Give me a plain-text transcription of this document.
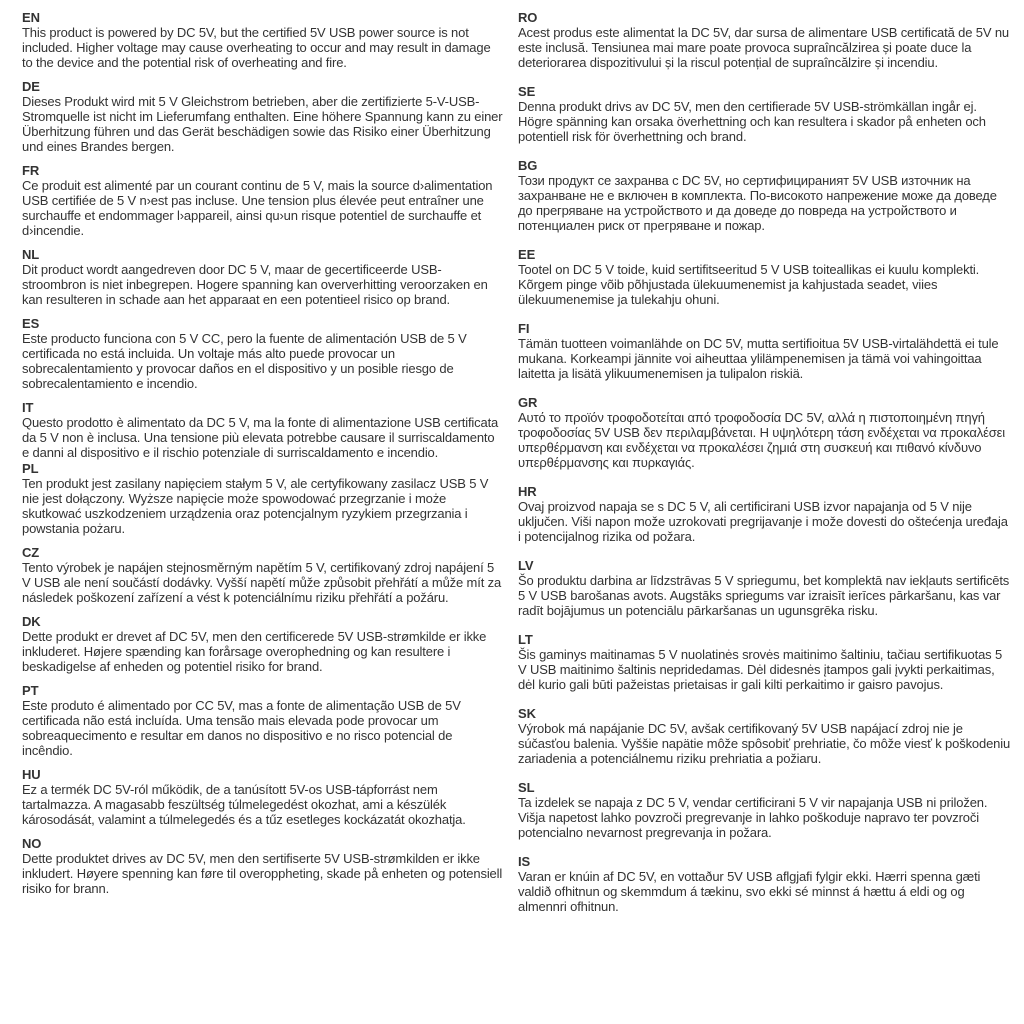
EN

This product is powered by DC 5V, but the certified 5V USB power source is not included. Higher voltage may cause overheating to occur and may result in damage to the device and the potential risk of overheating and fire.

DE

Dieses Produkt wird mit 5 V Gleichstrom betrieben, aber die zertifizierte 5-V-USB-Stromquelle ist nicht im Lieferumfang enthalten. Eine höhere Spannung kann zu einer Überhitzung führen und das Gerät beschädigen sowie das Risiko einer Überhitzung und eines Brandes bergen.

FR

Ce produit est alimenté par un courant continu de 5 V, mais la source d›alimentation USB certifiée de 5 V n›est pas incluse. Une tension plus élevée peut entraîner une surchauffe et endommager l›appareil, ainsi qu›un risque potentiel de surchauffe et d›incendie.

NL

Dit product wordt aangedreven door DC 5 V, maar de gecertificeerde USB-stroombron is niet inbegrepen. Hogere spanning kan oververhitting veroorzaken en kan resulteren in schade aan het apparaat en een potentieel risico op brand.

ES

Este producto funciona con 5 V CC, pero la fuente de alimentación USB de 5 V certificada no está incluida. Un voltaje más alto puede provocar un sobrecalentamiento y provocar daños en el dispositivo y un posible riesgo de sobrecalentamiento e incendio.

IT

Questo prodotto è alimentato da DC 5 V, ma la fonte di alimentazione USB certificata da 5 V non è inclusa. Una tensione più elevata potrebbe causare il surriscaldamento e danni al dispositivo e il rischio potenziale di surriscaldamento e incendio.

PL

Ten produkt jest zasilany napięciem stałym 5 V, ale certyfikowany zasilacz USB 5 V nie jest dołączony. Wyższe napięcie może spowodować przegrzanie i może skutkować uszkodzeniem urządzenia oraz potencjalnym ryzykiem przegrzania i powstania pożaru.

CZ

Tento výrobek je napájen stejnosměrným napětím 5 V, certifikovaný zdroj napájení 5 V USB ale není součástí dodávky. Vyšší napětí může způsobit přehřátí a může mít za následek poškození zařízení a vést k potenciálnímu riziku přehřátí a požáru.

DK

Dette produkt er drevet af DC 5V, men den certificerede 5V USB-strømkilde er ikke inkluderet. Højere spænding kan forårsage overophedning og kan resultere i beskadigelse af enheden og potentiel risiko for brand.

PT

Este produto é alimentado por CC 5V, mas a fonte de alimentação USB de 5V certificada não está incluída. Uma tensão mais elevada pode provocar um sobreaquecimento e resultar em danos no dispositivo e no risco potencial de incêndio.

HU

Ez a termék DC 5V-ról működik, de a tanúsított 5V-os USB-tápforrást nem tartalmazza. A magasabb feszültség túlmelegedést okozhat, ami a készülék károsodását, valamint a túlmelegedés és a tűz esetleges kockázatát okozhatja.

NO

Dette produktet drives av DC 5V, men den sertifiserte 5V USB-strømkilden er ikke inkludert. Høyere spenning kan føre til overoppheting, skade på enheten og potensiell risiko for brann.

RO

Acest produs este alimentat la DC 5V, dar sursa de alimentare USB certificată de 5V nu este inclusă. Tensiunea mai mare poate provoca supraîncălzirea și poate duce la deteriorarea dispozitivului și la riscul potențial de supraîncălzire și incendiu.

SE

Denna produkt drivs av DC 5V, men den certifierade 5V USB-strömkällan ingår ej. Högre spänning kan orsaka överhettning och kan resultera i skador på enheten och potentiell risk för överhettning och brand.

BG

Този продукт се захранва с DC 5V, но сертифицираният 5V USB източник на захранване не е включен в комплекта. По-високото напрежение може да доведе до прегряване на устройството и да доведе до повреда на устройството и потенциален риск от прегряване и пожар.

EE

Tootel on DC 5 V toide, kuid sertifitseeritud 5 V USB toiteallikas ei kuulu komplekti. Kõrgem pinge võib põhjustada ülekuumenemist ja kahjustada seadet, viies ülekuumenemise ja tulekahju ohuni.

FI

Tämän tuotteen voimanlähde on DC 5V, mutta sertifioitua 5V USB-virtalähdettä ei tule mukana. Korkeampi jännite voi aiheuttaa ylilämpenemisen ja tämä voi vahingoittaa laitetta ja lisätä ylikuumenemisen ja tulipalon riskiä.

GR

Αυτό το προϊόν τροφοδοτείται από τροφοδοσία DC 5V, αλλά η πιστοποιημένη πηγή τροφοδοσίας 5V USB δεν περιλαμβάνεται. Η υψηλότερη τάση ενδέχεται να προκαλέσει υπερθέρμανση και ενδέχεται να προκαλέσει ζημιά στη συσκευή και πιθανό κίνδυνο υπερθέρμανσης και πυρκαγιάς.

HR

Ovaj proizvod napaja se s DC 5 V, ali certificirani USB izvor napajanja od 5 V nije uključen. Viši napon može uzrokovati pregrijavanje i može dovesti do oštećenja uređaja i potencijalnog rizika od požara.

LV

Šo produktu darbina ar līdzstrāvas 5 V spriegumu, bet komplektā nav iekļauts sertificēts 5 V USB barošanas avots. Augstāks spriegums var izraisīt ierīces pārkaršanu, kas var radīt bojājumus un potenciālu pārkaršanas un ugunsgrēka risku.

LT

Šis gaminys maitinamas 5 V nuolatinės srovės maitinimo šaltiniu, tačiau sertifikuotas 5 V USB maitinimo šaltinis nepridedamas. Dėl didesnės įtampos gali įvykti perkaitimas, dėl kurio gali būti pažeistas prietaisas ir gali kilti perkaitimo ir gaisro pavojus.

SK

Výrobok má napájanie DC 5V, avšak certifikovaný 5V USB napájací zdroj nie je súčasťou balenia. Vyššie napätie môže spôsobiť prehriatie, čo môže viesť k poškodeniu zariadenia a potenciálnemu riziku prehriatia a požiaru.

SL

Ta izdelek se napaja z DC 5 V, vendar certificirani 5 V vir napajanja USB ni priložen. Višja napetost lahko povzroči pregrevanje in lahko poškoduje napravo ter povzroči potencialno nevarnost pregrevanja in požara.

IS

Varan er knúin af DC 5V, en vottaður 5V USB aflgjafi fylgir ekki. Hærri spenna gæti valdið ofhitnun og skemmdum á tækinu, svo ekki sé minnst á hættu á eldi og og almennri ofhitnun.
